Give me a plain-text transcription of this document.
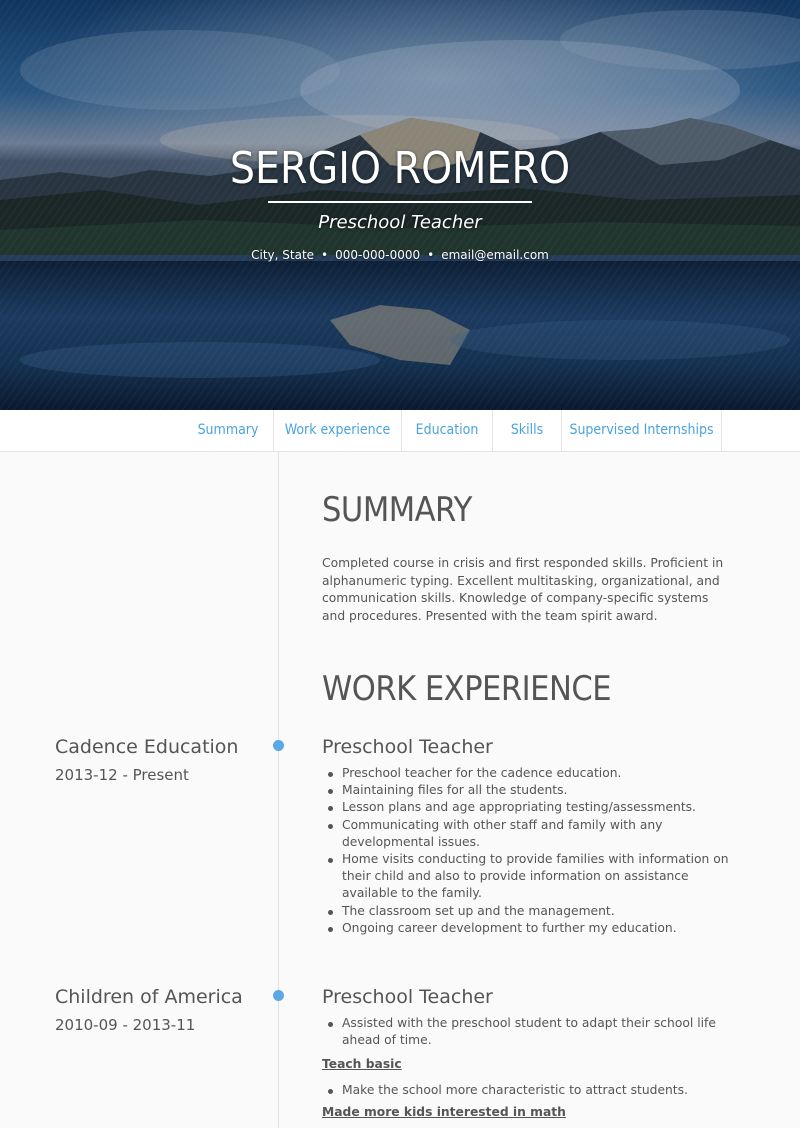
SERGIO ROMERO
Preschool Teacher
City, State • 000-000-0000 • email@email.com
Summary	Work experience	Education	Skills	Supervised Internships
SUMMARY
Completed course in crisis and first responded skills. Proficient in alphanumeric typing. Excellent multitasking, organizational, and communication skills. Knowledge of company-specific systems and procedures. Presented with the team spirit award.
WORK EXPERIENCE
Cadence Education
2013-12 - Present
Preschool Teacher
Preschool teacher for the cadence education.
Maintaining files for all the students.
Lesson plans and age appropriating testing/assessments.
Communicating with other staff and family with any developmental issues.
Home visits conducting to provide families with information on their child and also to provide information on assistance available to the family.
The classroom set up and the management.
Ongoing career development to further my education.
Children of America
2010-09 - 2013-11
Preschool Teacher
Assisted with the preschool student to adapt their school life ahead of time.
Teach basic
Make the school more characteristic to attract students.
Made more kids interested in math
